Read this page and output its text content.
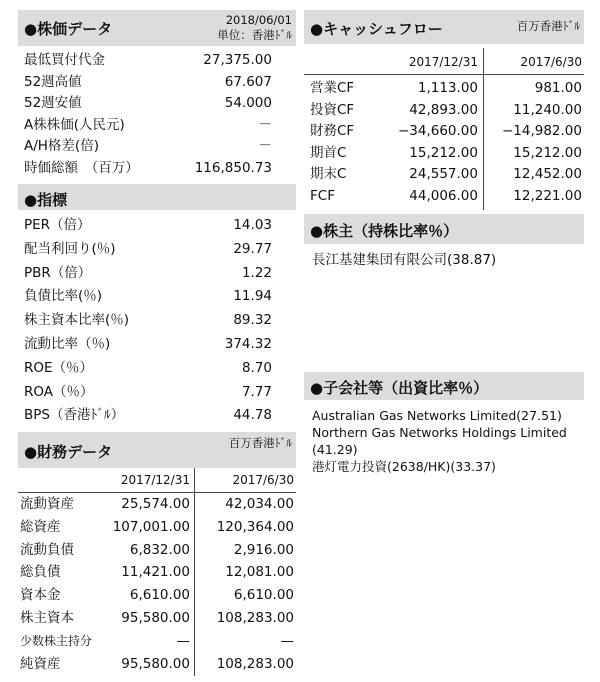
●株価データ	2018/06/01
単位：香港ﾄﾞﾙ
最低買付代金	27,375.00
52週高値	67.607
52週安値	54.000
A株株価(人民元)	－
A/H格差(倍)	－
時価総額　（百万）	116,850.73
●指標
PER（倍）	14.03
配当利回り(％)	29.77
PBR（倍）	1.22
負債比率(％)	11.94
株主資本比率(％)	89.32
流動比率（％)	374.32
ROE（％）	8.70
ROA（％）	7.77
BPS（香港ﾄﾞﾙ）	44.78
●財務データ	百万香港ﾄﾞﾙ
2017/12/31	2017/6/30
流動資産	25,574.00	42,034.00
総資産	107,001.00 120,364.00
流動負債	6,832.00	2,916.00
総負債	11,421.00	12,081.00
資本金	6,610.00	6,610.00
株主資本	95,580.00 108,283.00
少数株主持分	—	—
純資産	95,580.00 108,283.00
●キャッシュフロー	百万香港ﾄﾞﾙ
2017/12/31	2017/6/30
営業CF	1,113.00	981.00
投資CF	42,893.00	11,240.00
財務CF	−34,660.00 −14,982.00
期首C	15,212.00	15,212.00
期末C	24,557.00	12,452.00
FCF	44,006.00	12,221.00
●株主（持株比率％）
長江基建集団有限公司(38.87)
●子会社等（出資比率％）
Australian Gas Networks Limited(27.51)
Northern Gas Networks Holdings Limited
(41.29)
港灯電力投資(2638/HK)(33.37)
